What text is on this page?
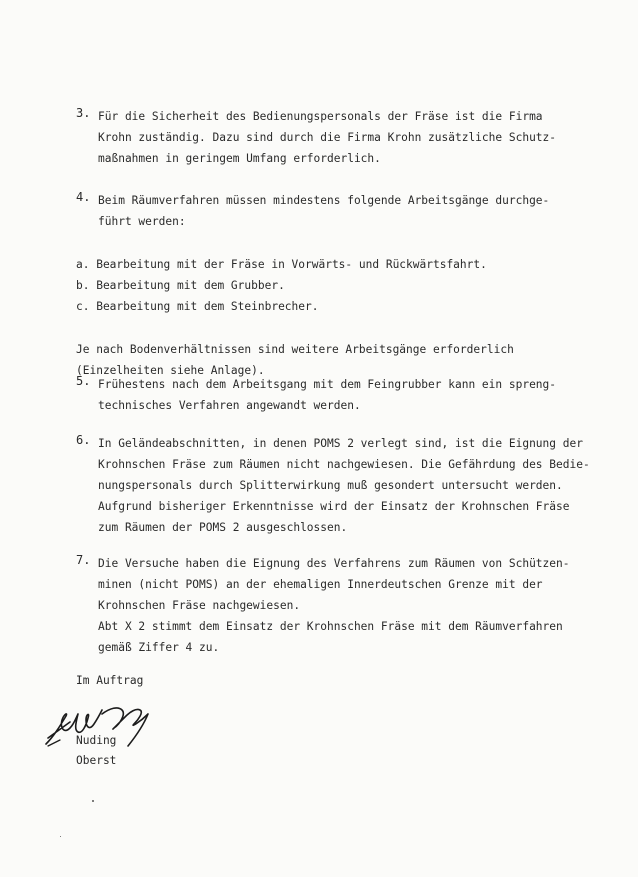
3. Für die Sicherheit des Bedienungspersonals der Fräse ist die Firma
Krohn zuständig. Dazu sind durch die Firma Krohn zusätzliche Schutz-
maßnahmen in geringem Umfang erforderlich.
4. Beim Räumverfahren müssen mindestens folgende Arbeitsgänge durchge-
führt werden:
a. Bearbeitung mit der Fräse in Vorwärts- und Rückwärtsfahrt.
b. Bearbeitung mit dem Grubber.
c. Bearbeitung mit dem Steinbrecher.
Je nach Bodenverhältnissen sind weitere Arbeitsgänge erforderlich
(Einzelheiten siehe Anlage).
5. Frühestens nach dem Arbeitsgang mit dem Feingrubber kann ein spreng-
technisches Verfahren angewandt werden.
6. In Geländeabschnitten, in denen POMS 2 verlegt sind, ist die Eignung der
Krohnschen Fräse zum Räumen nicht nachgewiesen. Die Gefährdung des Bedie-
nungspersonals durch Splitterwirkung muß gesondert untersucht werden.
Aufgrund bisheriger Erkenntnisse wird der Einsatz der Krohnschen Fräse
zum Räumen der POMS 2 ausgeschlossen.
7. Die Versuche haben die Eignung des Verfahrens zum Räumen von Schützen-
minen (nicht POMS) an der ehemaligen Innerdeutschen Grenze mit der
Krohnschen Fräse nachgewiesen.
Abt X 2 stimmt dem Einsatz der Krohnschen Fräse mit dem Räumverfahren
gemäß Ziffer 4 zu.
Im Auftrag
Nuding
Oberst
